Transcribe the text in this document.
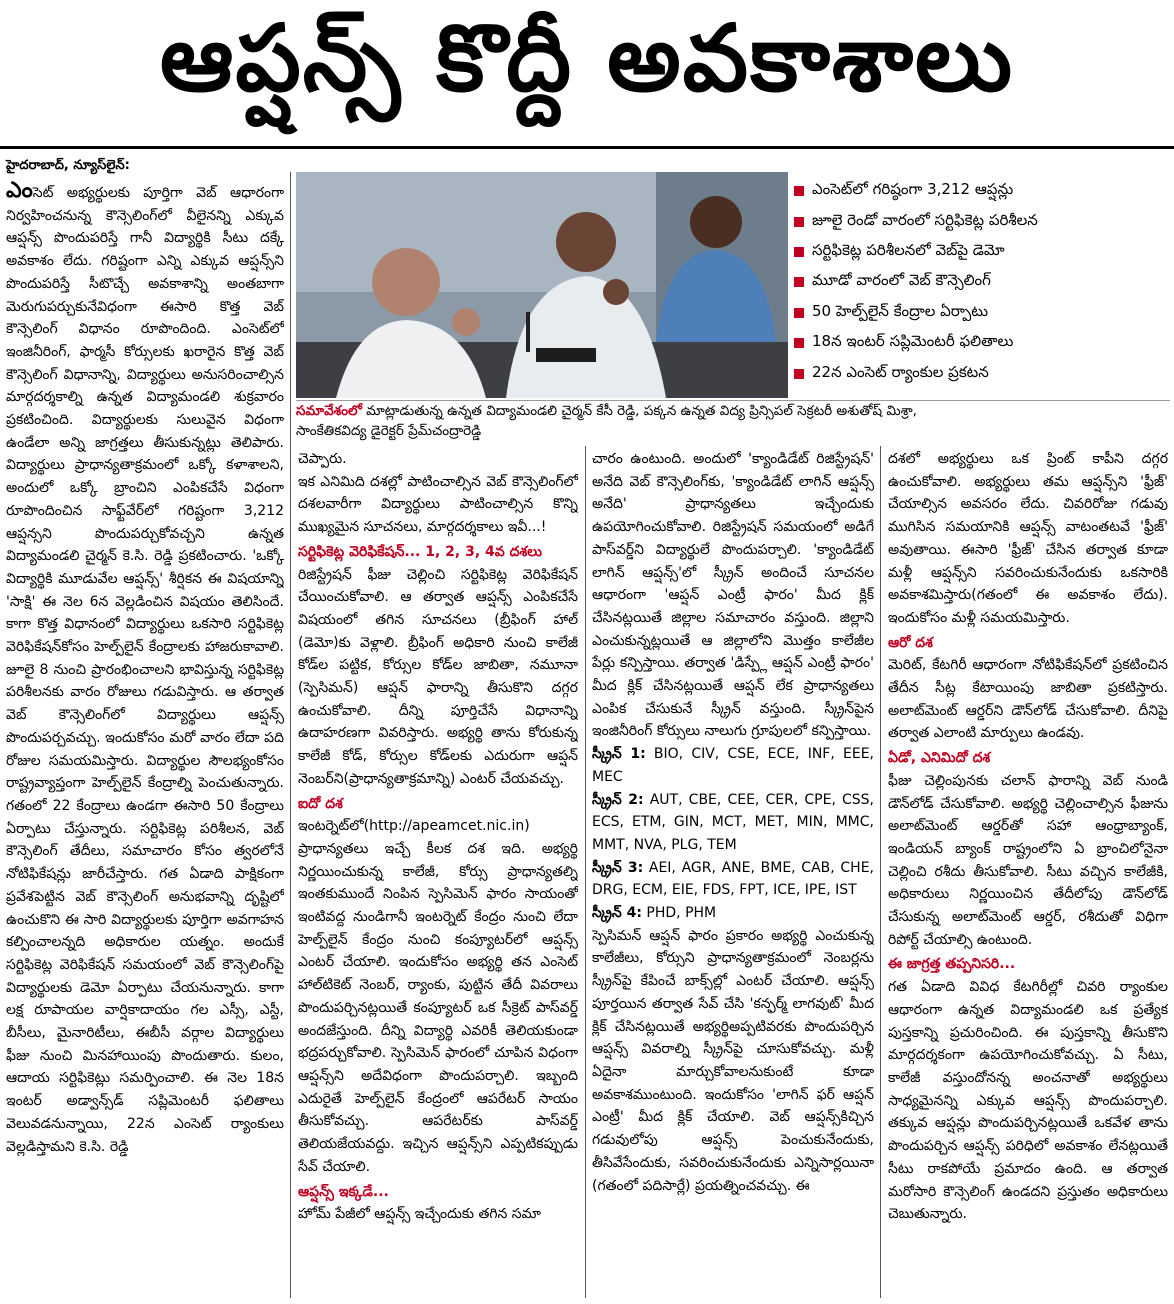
ఆప్షన్స్ కొద్దీ అవకాశాలు
హైదరాబాద్, న్యూస్‌లైన్:
ఎంసెట్‌లో గరిష్ఠంగా 3,212 ఆప్షన్లు
జూలై రెండో వారంలో సర్టిఫికెట్ల పరిశీలన
సర్టిఫికెట్ల పరిశీలనలో వెబ్‌పై డెమో
మూడో వారంలో వెబ్ కౌన్సెలింగ్
50 హెల్ప్‌లైన్ కేంద్రాల ఏర్పాటు
18న ఇంటర్ సప్లిమెంటరీ ఫలితాలు
22న ఎంసెట్ ర్యాంకుల ప్రకటన
సమావేశంలో మాట్లాడుతున్న ఉన్నత విద్యామండలి చైర్మన్ కేసీ రెడ్డి, పక్కన ఉన్నత విద్య ప్రిన్సిపల్ సెక్రటరీ అశుతోష్ మిశ్రా,
సాంకేతికవిద్య డైరెక్టర్ ప్రేమ్‌చంద్రారెడ్డి

ఎంసెట్ అభ్యర్థులకు పూర్తిగా వెబ్ ఆధారంగా నిర్వహించనున్న కౌన్సెలింగ్‌లో వీలైనన్ని ఎక్కువ ఆప్షన్స్ పొందుపరిస్తే గానీ విద్యార్థికి సీటు దక్కే అవకాశం లేదు. గరిష్టంగా ఎన్ని ఎక్కువ ఆప్షన్స్‌ని పొందుపరిస్తే సీటొచ్చే అవకాశాన్ని అంతబాగా మెరుగుపర్చుకునేవిధంగా ఈసారి కొత్త వెబ్ కౌన్సెలింగ్ విధానం రూపొందింది. ఎంసెట్‌లో ఇంజినీరింగ్, ఫార్మసీ కోర్సులకు ఖరారైన కొత్త వెబ్ కౌన్సెలింగ్ విధానాన్ని, విద్యార్థులు అనుసరించాల్సిన మార్గదర్శకాల్ని ఉన్నత విద్యామండలి శుక్రవారం ప్రకటించింది. విద్యార్థులకు సులువైన విధంగా ఉండేలా అన్ని జాగ్రత్తలు తీసుకున్నట్లు తెలిపారు. విద్యార్థులు ప్రాధాన్యతాక్రమంలో ఒక్కో కళాశాలని, అందులో ఒక్కో బ్రాంచిని ఎంపికచేసే విధంగా రూపొందించిన సాఫ్ట్‌వేర్‌లో గరిష్టంగా 3,212 ఆప్షన్సని పొందుపర్చుకోవచ్చని ఉన్నత విద్యామండలి చైర్మన్ కె.సి. రెడ్డి ప్రకటించారు. 'ఒక్కో విద్యార్థికి మూడువేల ఆప్షన్స్' శీర్షికన ఈ విషయాన్ని 'సాక్షి' ఈ నెల 6న వెల్లడించిన విషయం తెలిసిందే. కాగా కొత్త విధానంలో విద్యార్థులు ఒకసారి సర్టిఫికెట్ల వెరిఫికేషన్‌కోసం హెల్ప్‌లైన్ కేంద్రాలకు హాజరుకావాలి. జూలై 8 నుంచి ప్రారంభించాలని భావిస్తున్న సర్టిఫికెట్ల పరిశీలనకు వారం రోజులు గడువిస్తారు. ఆ తర్వాత వెబ్ కౌన్సెలింగ్‌లో విద్యార్థులు ఆప్షన్స్ పొందుపర్చవచ్చు. ఇందుకోసం మరో వారం లేదా పది రోజుల సమయమిస్తారు. విద్యార్థుల సౌలభ్యంకోసం రాష్ట్రవ్యాప్తంగా హెల్ప్‌లైన్ కేంద్రాల్ని పెంచుతున్నారు. గతంలో 22 కేంద్రాలు ఉండగా ఈసారి 50 కేంద్రాలు ఏర్పాటు చేస్తున్నారు. సర్టిఫికెట్ల పరిశీలన, వెబ్ కౌన్సెలింగ్ తేదీలు, సమాచారం కోసం త్వరలోనే నోటిఫికేషన్లు జారీచేస్తారు. గత ఏడాది పాక్షికంగా ప్రవేశపెట్టిన వెబ్ కౌన్సెలింగ్ అనుభవాన్ని దృష్టిలో ఉంచుకొని ఈ సారి విద్యార్థులకు పూర్తిగా అవగాహన కల్పించాలన్నది అధికారుల యత్నం. అందుకే సర్టిఫికెట్ల వెరిఫికేషన్ సమయంలో వెబ్ కౌన్సెలింగ్‌పై విద్యార్థులకు డెమో ఏర్పాటు చేయనున్నారు. కాగా లక్ష రూపాయల వార్షికాదాయం గల ఎస్సీ, ఎస్టీ, బీసీలు, మైనారిటీలు, ఈబీసీ వర్గాల విద్యార్థులు ఫీజు నుంచి మినహాయింపు పొందుతారు. కులం, ఆదాయ సర్టిఫికెట్లు సమర్పించాలి. ఈ నెల 18న ఇంటర్ అడ్వాన్స్‌డ్ సప్లిమెంటరీ ఫలితాలు వెలువడనున్నాయి, 22న ఎంసెట్ ర్యాంకులు వెల్లడిస్తామని కె.సి. రెడ్డి

చెప్పారు.

ఇక ఎనిమిది దశల్లో పాటించాల్సిన వెబ్ కౌన్సెలింగ్‌లో దశలవారీగా విద్యార్థులు పాటించాల్సిన కొన్ని ముఖ్యమైన సూచనలు, మార్గదర్శకాలు ఇవీ...!

సర్టిఫికెట్ల వెరిఫికేషన్... 1, 2, 3, 4వ దశలు

రిజిస్ట్రేషన్ ఫీజు చెల్లించి సర్టిఫికెట్ల వెరిఫికేషన్ చేయించుకోవాలి. ఆ తర్వాత ఆప్షన్స్ ఎంపికచేసే విషయంలో తగిన సూచనలు (బ్రీఫింగ్ హాల్ (డెమో)కు వెళ్లాలి. బ్రీఫింగ్ అధికారి నుంచి కాలేజీ కోడ్‌ల పట్టిక, కోర్సుల కోడ్‌ల జాబితా, నమూనా (స్పెసిమన్) ఆప్షన్ ఫారాన్ని తీసుకొని దగ్గర ఉంచుకోవాలి. దీన్ని పూర్తిచేసే విధానాన్ని ఉదాహరణగా వివరిస్తారు. అభ్యర్థి తాను కోరుకున్న కాలేజీ కోడ్, కోర్సుల కోడ్‌లకు ఎదురుగా ఆప్షన్ నెంబర్‌ని(ప్రాధాన్యతాక్రమాన్ని) ఎంటర్ చేయవచ్చు.

ఐదో దశ

ఇంటర్నెట్‌లో(http://apeamcet.nic.in) ప్రాధాన్యతలు ఇచ్చే కీలక దశ ఇది. అభ్యర్థి నిర్ణయించుకున్న కాలేజీ, కోర్సు ప్రాధాన్యతల్ని ఇంతకుముందే నింపిన స్పెసిమెన్ ఫారం సాయంతో ఇంటివద్ద నుండిగానీ ఇంటర్నెట్ కేంద్రం నుంచి లేదా హెల్ప్‌లైన్ కేంద్రం నుంచి కంప్యూటర్‌లో ఆప్షన్స్ ఎంటర్ చేయాలి. ఇందుకోసం అభ్యర్థి తన ఎంసెట్ హాల్‌టికెట్ నెంబర్, ర్యాంకు, పుట్టిన తేదీ వివరాలు పొందుపర్చినట్లయితే కంప్యూటర్ ఒక సీక్రెట్ పాస్‌వర్డ్ అందజేస్తుంది. దీన్ని విద్యార్థి ఎవరికీ తెలియకుండా భద్రపర్చుకోవాలి. స్పెసిమెన్ ఫారంలో చూపిన విధంగా ఆప్షన్స్‌ని అదేవిధంగా పొందుపర్చాలి. ఇబ్బంది ఎదురైతే హెల్ప్‌లైన్ కేంద్రంలో ఆపరేటర్ సాయం తీసుకోవచ్చు. ఆపరేటర్‌కు పాస్‌వర్డ్ తెలియజేయవద్దు. ఇచ్చిన ఆప్షన్స్‌ని ఎప్పటికప్పుడు సేవ్ చేయాలి.

ఆప్షన్స్ ఇక్కడే...

హోమ్ పేజీలో ఆప్షన్స్ ఇచ్చేందుకు తగిన సమా

చారం ఉంటుంది. అందులో 'క్యాండిడేట్ రిజిస్ట్రేషన్' అనేది వెబ్ కౌన్సెలింగ్‌కు, 'క్యాండిడేట్ లాగిన్ ఆప్షన్స్ అనేది' ప్రాధాన్యతలు ఇచ్చేందుకు ఉపయోగించుకోవాలి. రిజిస్ట్రేషన్ సమయంలో అడిగే పాస్‌వర్డ్‌ని విద్యార్థులే పొందుపర్చాలి. 'క్యాండిడేట్ లాగిన్ ఆప్షన్స్'లో స్క్రీన్ అందించే సూచనల ఆధారంగా 'ఆప్షన్ ఎంట్రీ ఫారం' మీద క్లిక్ చేసినట్లయితే జిల్లాల సమాచారం వస్తుంది. జిల్లాని ఎంచుకున్నట్లయితే ఆ జిల్లాలోని మొత్తం కాలేజీల పేర్లు కన్పిస్తాయి. తర్వాత 'డిస్ప్లే ఆప్షన్ ఎంట్రీ ఫారం' మీద క్లిక్ చేసినట్లయితే ఆప్షన్ లేక ప్రాధాన్యతలు ఎంపిక చేసుకునే స్క్రీన్ వస్తుంది. స్క్రీన్‌పైన ఇంజినీరింగ్ కోర్సులు నాలుగు గ్రూపులలో కన్పిస్తాయి.

స్క్రీన్ 1: BIO, CIV, CSE, ECE, INF, EEE, MEC

స్క్రీన్ 2: AUT, CBE, CEE, CER, CPE, CSS, ECS, ETM, GIN, MCT, MET, MIN, MMC, MMT, NVA, PLG, TEM

స్క్రీన్ 3: AEI, AGR, ANE, BME, CAB, CHE, DRG, ECM, EIE, FDS, FPT, ICE, IPE, IST

స్క్రీన్ 4: PHD, PHM

స్పెసిమన్ ఆప్షన్ ఫారం ప్రకారం అభ్యర్థి ఎంచుకున్న కాలేజీలు, కోర్సుని ప్రాధాన్యతాక్రమంలో నెంబర్లను స్క్రీన్‌పై కేపించే బాక్స్‌ల్లో ఎంటర్ చేయాలి. ఆప్షన్స్ పూర్తయిన తర్వాత సేవ్ చేసి 'కన్ఫర్మ్ లాగవుట్' మీద క్లిక్ చేసినట్లయితే అభ్యర్థిఅప్పటివరకు పొందుపర్చిన ఆప్షన్స్ వివరాల్ని స్క్రీన్‌పై చూసుకోవచ్చు. మళ్లీ ఏదైనా మార్చుకోవాలనుకుంటే కూడా అవకాశముంటుంది. ఇందుకోసం 'లాగిన్ ఫర్ ఆప్షన్ ఎంట్రీ' మీద క్లిక్ చేయాలి. వెబ్ ఆప్షన్స్‌కిచ్చిన గడువులోపు ఆప్షన్స్ పెంచుకునేందుకు, తీసివేసేందుకు, సవరించుకునేందుకు ఎన్నిసార్లయినా (గతంలో పదిసార్లే) ప్రయత్నించవచ్చు. ఈ

దశలో అభ్యర్థులు ఒక ప్రింట్ కాపీని దగ్గర ఉంచుకోవాలి. అభ్యర్థులు తమ ఆప్షన్స్‌ని 'ఫ్రీజ్' చేయాల్సిన అవసరం లేదు. చివరిరోజు గడువు ముగిసిన సమయానికి ఆప్షన్స్ వాటంతటవే 'ఫ్రీజ్' అవుతాయి. ఈసారి 'ఫ్రీజ్' చేసిన తర్వాత కూడా మళ్లీ ఆప్షన్స్‌ని సవరించుకునేందుకు ఒకసారికి అవకాశమిస్తారు(గతంలో ఈ అవకాశం లేదు). ఇందుకోసం మళ్లీ సమయమిస్తారు.

ఆరో దశ

మెరిట్, కేటగిరీ ఆధారంగా నోటిఫికేషన్‌లో ప్రకటించిన తేదీన సీట్ల కేటాయింపు జాబితా ప్రకటిస్తారు. అలాట్‌మెంట్ ఆర్డర్‌ని డౌన్‌లోడ్ చేసుకోవాలి. దీనిపై తర్వాత ఎలాంటి మార్పులు ఉండవు.

ఏడో, ఎనిమిదో దశ

ఫీజు చెల్లింపునకు చలాన్ ఫారాన్ని వెబ్ నుండి డౌన్‌లోడ్ చేసుకోవాలి. అభ్యర్థి చెల్లించాల్సిన ఫీజును అలాట్‌మెంట్ ఆర్డర్‌తో సహా ఆంధ్రాబ్యాంక్, ఇండియన్ బ్యాంక్ రాష్ట్రంలోని ఏ బ్రాంచిలోనైనా చెల్లించి రశీదు తీసుకోవాలి. సీటు వచ్చిన కాలేజీకి, అధికారులు నిర్ణయించిన తేదీలోపు డౌన్‌లోడ్ చేసుకున్న అలాట్‌మెంట్ ఆర్డర్, రశీదుతో విధిగా రిపోర్ట్ చేయాల్సి ఉంటుంది.

ఈ జాగ్రత్త తప్పనిసరి...

గత ఏడాది వివిధ కేటగిరీల్లో చివరి ర్యాంకుల ఆధారంగా ఉన్నత విద్యామండలి ఒక ప్రత్యేక పుస్తకాన్ని ప్రచురించింది. ఈ పుస్తకాన్ని తీసుకొని మార్గదర్శకంగా ఉపయోగించుకోవచ్చు. ఏ సీటు, కాలేజీ వస్తుందోనన్న అంచనాతో అభ్యర్థులు సాధ్యమైనన్ని ఎక్కువ ఆప్షన్స్ పొందుపర్చాలి. తక్కువ ఆప్షన్లు పొందుపర్చినట్లయితే ఒకవేళ తాను పొందుపర్చిన ఆప్షన్స్ పరిధిలో అవకాశం లేనట్లయితే సీటు రాకపోయే ప్రమాదం ఉంది. ఆ తర్వాత మరోసారి కౌన్సెలింగ్ ఉండదని ప్రస్తుతం అధికారులు చెబుతున్నారు.
